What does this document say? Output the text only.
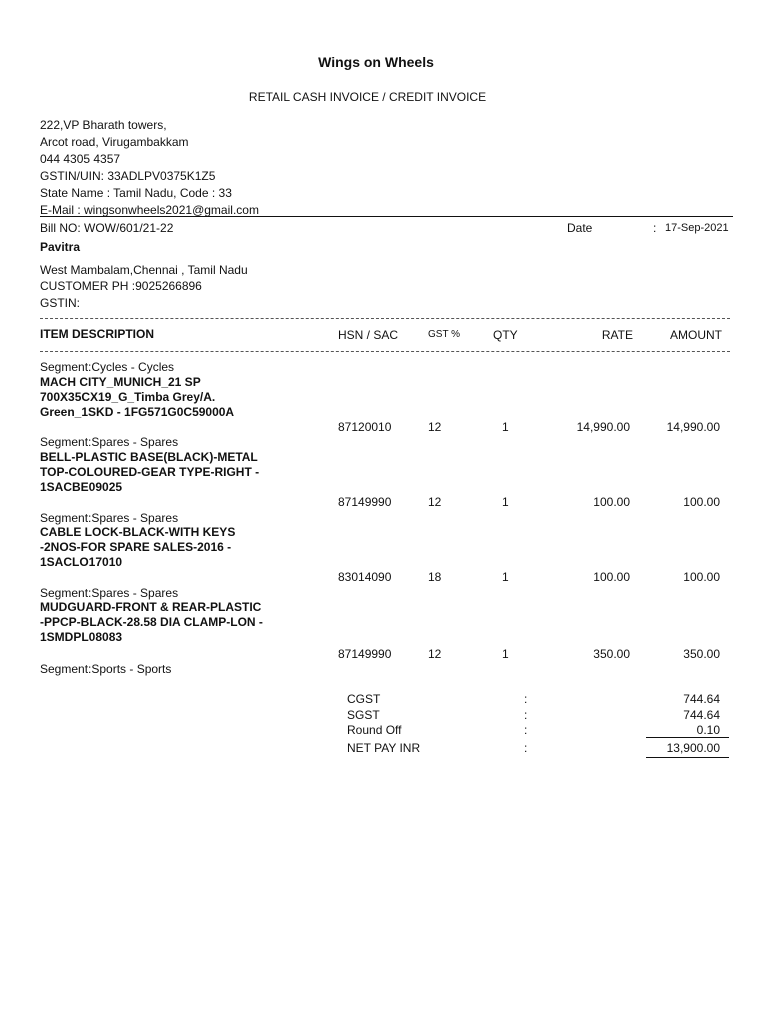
Wings on Wheels
RETAIL CASH INVOICE / CREDIT INVOICE
222,VP Bharath towers,
Arcot road, Virugambakkam
044 4305 4357
GSTIN/UIN: 33ADLPV0375K1Z5
State Name : Tamil Nadu, Code : 33
E-Mail : wingsonwheels2021@gmail.com
Bill NO: WOW/601/21-22	Date	: 17-Sep-2021
Pavitra
West Mambalam,Chennai , Tamil Nadu
CUSTOMER PH :9025266896
GSTIN:
ITEM DESCRIPTION	HSN / SAC	GST %	QTY	RATE	AMOUNT
Segment:Cycles - Cycles
MACH CITY_MUNICH_21 SP
700X35CX19_G_Timba Grey/A.
Green_1SKD - 1FG571G0C59000A
87120010	12	1	14,990.00	14,990.00
Segment:Spares - Spares
BELL-PLASTIC BASE(BLACK)-METAL
TOP-COLOURED-GEAR TYPE-RIGHT -
1SACBE09025
87149990	12	1	100.00	100.00
Segment:Spares - Spares
CABLE LOCK-BLACK-WITH KEYS
-2NOS-FOR SPARE SALES-2016 -
1SACLO17010
83014090	18	1	100.00	100.00
Segment:Spares - Spares
MUDGUARD-FRONT & REAR-PLASTIC
-PPCP-BLACK-28.58 DIA CLAMP-LON -
1SMDPL08083
87149990	12	1	350.00	350.00
Segment:Sports - Sports
CGST	:	744.64
SGST	:	744.64
Round Off	:	0.10
NET PAY INR	:	13,900.00
